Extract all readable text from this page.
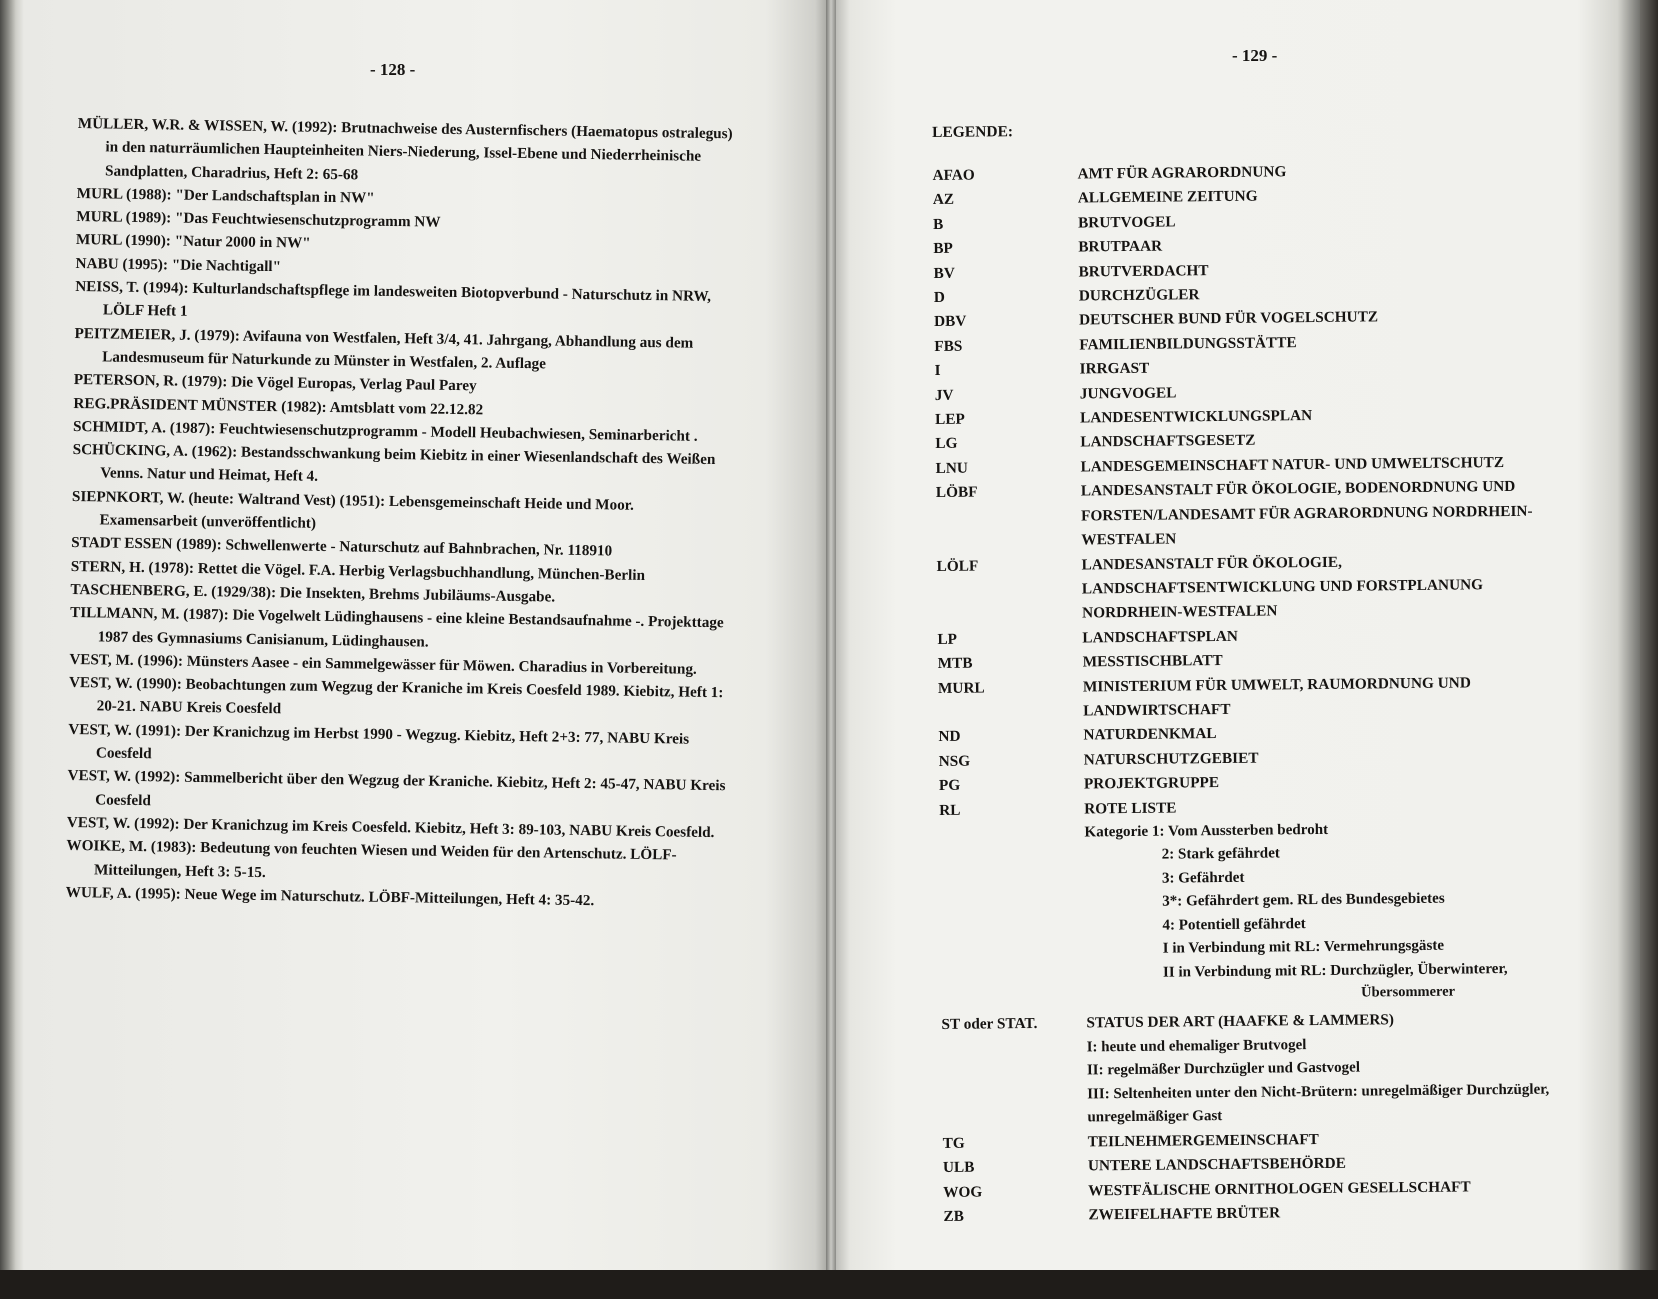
- 128 -

MÜLLER, W.R. & WISSEN, W. (1992): Brutnachweise des Austernfischers (Haematopus ostralegus) in den naturräumlichen Haupteinheiten Niers-Niederung, Issel-Ebene und Niederrheinische Sandplatten, Charadrius, Heft 2: 65-68

MURL (1988): "Der Landschaftsplan in NW"

MURL (1989): "Das Feuchtwiesenschutzprogramm NW

MURL (1990): "Natur 2000 in NW"

NABU (1995): "Die Nachtigall"

NEISS, T. (1994): Kulturlandschaftspflege im landesweiten Biotopverbund - Naturschutz in NRW, LÖLF Heft 1

PEITZMEIER, J. (1979): Avifauna von Westfalen, Heft 3/4, 41. Jahrgang, Abhandlung aus dem Landesmuseum für Naturkunde zu Münster in Westfalen, 2. Auflage

PETERSON, R. (1979): Die Vögel Europas, Verlag Paul Parey

REG.PRÄSIDENT MÜNSTER (1982): Amtsblatt vom 22.12.82

SCHMIDT, A. (1987): Feuchtwiesenschutzprogramm - Modell Heubachwiesen, Seminarbericht .

SCHÜCKING, A. (1962): Bestandsschwankung beim Kiebitz in einer Wiesenlandschaft des Weißen Venns. Natur und Heimat, Heft 4.

SIEPNKORT, W. (heute: Waltrand Vest) (1951): Lebensgemeinschaft Heide und Moor. Examensarbeit (unveröffentlicht)

STADT ESSEN (1989): Schwellenwerte - Naturschutz auf Bahnbrachen, Nr. 118910

STERN, H. (1978): Rettet die Vögel. F.A. Herbig Verlagsbuchhandlung, München-Berlin

TASCHENBERG, E. (1929/38): Die Insekten, Brehms Jubiläums-Ausgabe.

TILLMANN, M. (1987): Die Vogelwelt Lüdinghausens - eine kleine Bestandsaufnahme -. Projekttage 1987 des Gymnasiums Canisianum, Lüdinghausen.

VEST, M. (1996): Münsters Aasee - ein Sammelgewässer für Möwen. Charadius in Vorbereitung.

VEST, W. (1990): Beobachtungen zum Wegzug der Kraniche im Kreis Coesfeld 1989. Kiebitz, Heft 1: 20-21. NABU Kreis Coesfeld

VEST, W. (1991): Der Kranichzug im Herbst 1990 - Wegzug. Kiebitz, Heft 2+3: 77, NABU Kreis Coesfeld

VEST, W. (1992): Sammelbericht über den Wegzug der Kraniche. Kiebitz, Heft 2: 45-47, NABU Kreis Coesfeld

VEST, W. (1992): Der Kranichzug im Kreis Coesfeld. Kiebitz, Heft 3: 89-103, NABU Kreis Coesfeld.

WOIKE, M. (1983): Bedeutung von feuchten Wiesen und Weiden für den Artenschutz. LÖLF-Mitteilungen, Heft 3: 5-15.

WULF, A. (1995): Neue Wege im Naturschutz. LÖBF-Mitteilungen, Heft 4: 35-42.

- 129 -
LEGENDE:
AFAO	AMT FÜR AGRARORDNUNG
AZ	ALLGEMEINE ZEITUNG
B	BRUTVOGEL
BP	BRUTPAAR
BV	BRUTVERDACHT
D	DURCHZÜGLER
DBV	DEUTSCHER BUND FÜR VOGELSCHUTZ
FBS	FAMILIENBILDUNGSSTÄTTE
I	IRRGAST
JV	JUNGVOGEL
LEP	LANDESENTWICKLUNGSPLAN
LG	LANDSCHAFTSGESETZ
LNU	LANDESGEMEINSCHAFT NATUR- UND UMWELTSCHUTZ
LÖBF	LANDESANSTALT FÜR ÖKOLOGIE, BODENORDNUNG UND FORSTEN/LANDESAMT FÜR AGRARORDNUNG NORDRHEIN-WESTFALEN
LÖLF	LANDESANSTALT FÜR ÖKOLOGIE, LANDSCHAFTSENTWICKLUNG UND FORSTPLANUNG NORDRHEIN-WESTFALEN
LP	LANDSCHAFTSPLAN
MTB	MESSTISCHBLATT
MURL	MINISTERIUM FÜR UMWELT, RAUMORDNUNG UND LANDWIRTSCHAFT
ND	NATURDENKMAL
NSG	NATURSCHUTZGEBIET
PG	PROJEKTGRUPPE
RL	ROTE LISTE
Kategorie 1: Vom Aussterben bedroht
2: Stark gefährdet
3: Gefährdet
3*: Gefährdert gem. RL des Bundesgebietes
4: Potentiell gefährdet
I in Verbindung mit RL: Vermehrungsgäste
II in Verbindung mit RL: Durchzügler, Überwinterer,
Übersommerer
ST oder STAT.	STATUS DER ART (HAAFKE & LAMMERS)
I: heute und ehemaliger Brutvogel
II: regelmäßer Durchzügler und Gastvogel
III: Seltenheiten unter den Nicht-Brütern: unregelmäßiger Durchzügler, unregelmäßiger Gast
TG	TEILNEHMERGEMEINSCHAFT
ULB	UNTERE LANDSCHAFTSBEHÖRDE
WOG	WESTFÄLISCHE ORNITHOLOGEN GESELLSCHAFT
ZB	ZWEIFELHAFTE BRÜTER
